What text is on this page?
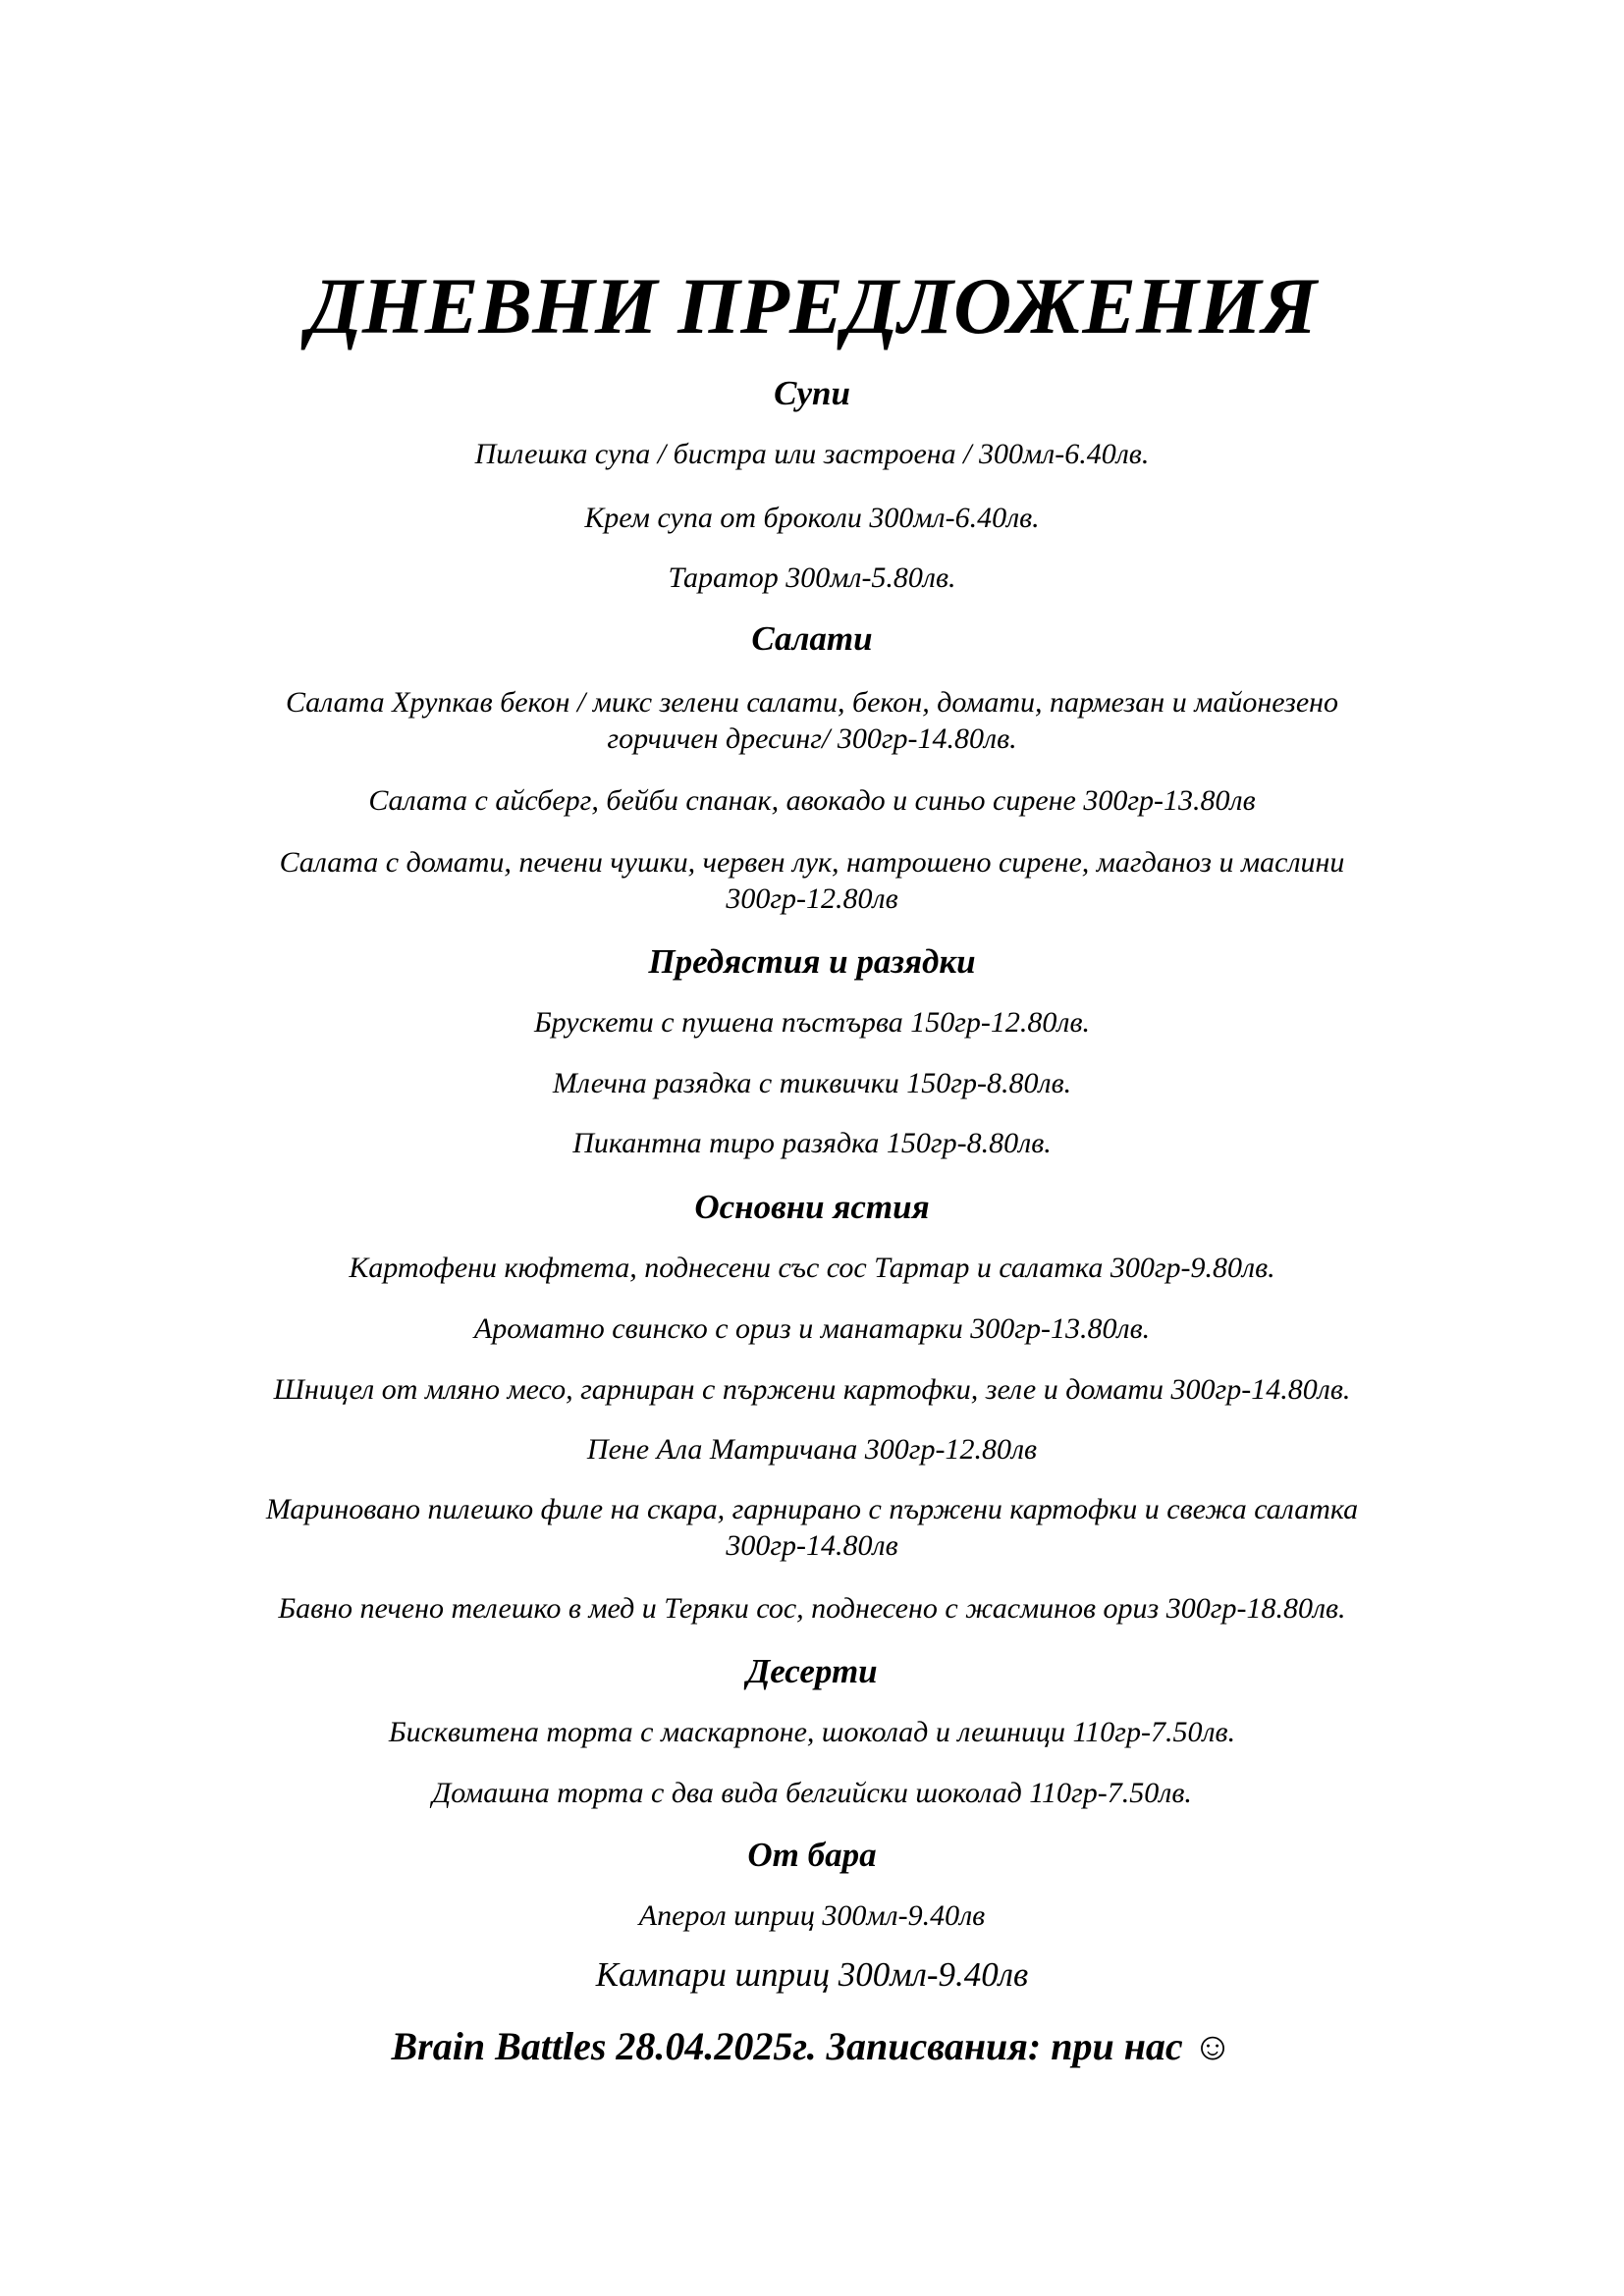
ДНЕВНИ ПРЕДЛОЖЕНИЯ
Супи

Пилешка супа / бистра или застроена / 300мл-6.40лв.

Крем супа от броколи 300мл-6.40лв.

Таратор 300мл-5.80лв.

Салати

Салата Хрупкав бекон / микс зелени салати, бекон, домати, пармезан и майонезено

горчичен дресинг/ 300гр-14.80лв.

Салата с айсберг, бейби спанак, авокадо и синьо сирене 300гр-13.80лв

Салата с домати, печени чушки, червен лук, натрошено сирене, магданоз и маслини

300гр-12.80лв

Предястия и разядки

Брускети с пушена пъстърва 150гр-12.80лв.

Млечна разядка с тиквички 150гр-8.80лв.

Пикантна тиро разядка 150гр-8.80лв.

Основни ястия

Картофени кюфтета, поднесени със сос Тартар и салатка 300гр-9.80лв.

Ароматно свинско с ориз и манатарки 300гр-13.80лв.

Шницел от мляно месо, гарниран с пържени картофки, зеле и домати 300гр-14.80лв.

Пене Ала Матричана 300гр-12.80лв

Мариновано пилешко филе на скара, гарнирано с пържени картофки и свежа салатка

300гр-14.80лв

Бавно печено телешко в мед и Теряки сос, поднесено с жасминов ориз 300гр-18.80лв.

Десерти

Бисквитена торта с маскарпоне, шоколад и лешници 110гр-7.50лв.

Домашна торта с два вида белгийски шоколад 110гр-7.50лв.

От бара

Аперол шприц 300мл-9.40лв

Кампари шприц 300мл-9.40лв

Brain Battles 28.04.2025г. Записвания: при нас ☺
